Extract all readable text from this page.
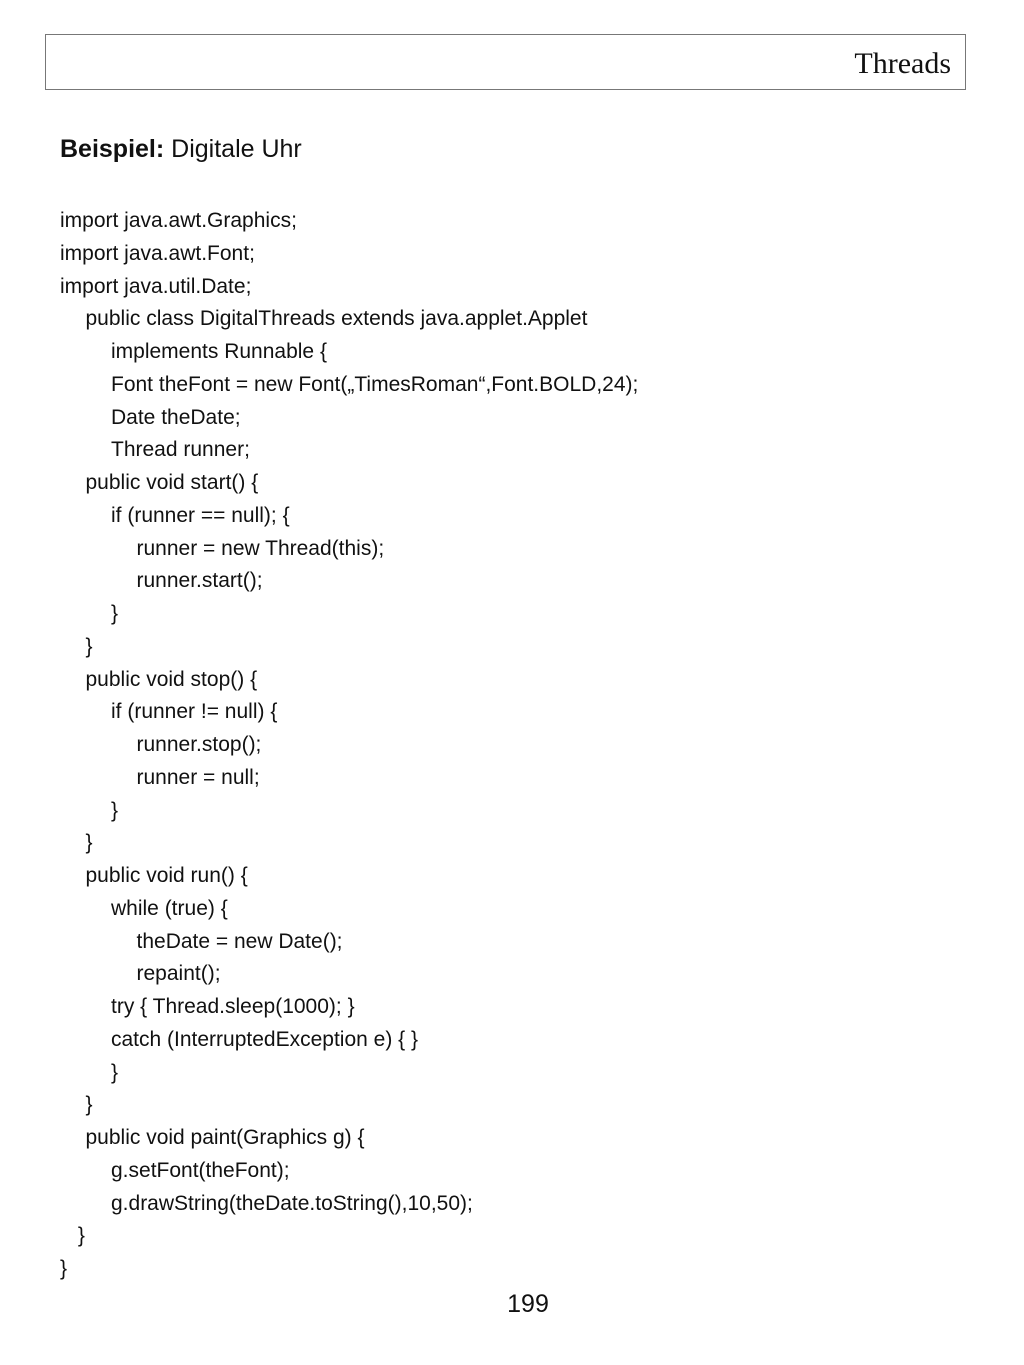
Threads
Beispiel: Digitale Uhr
import java.awt.Graphics;
import java.awt.Font;
import java.util.Date;
public class DigitalThreads extends java.applet.Applet
implements Runnable {
Font theFont = new Font(„TimesRoman“,Font.BOLD,24);
Date theDate;
Thread runner;
public void start() {
if (runner == null); {
runner = new Thread(this);
runner.start();
}
}
public void stop() {
if (runner != null) {
runner.stop();
runner = null;
}
}
public void run() {
while (true) {
theDate = new Date();
repaint();
try { Thread.sleep(1000); }
catch (InterruptedException e) { }
}
}
public void paint(Graphics g) {
g.setFont(theFont);
g.drawString(theDate.toString(),10,50);
}
}
199
